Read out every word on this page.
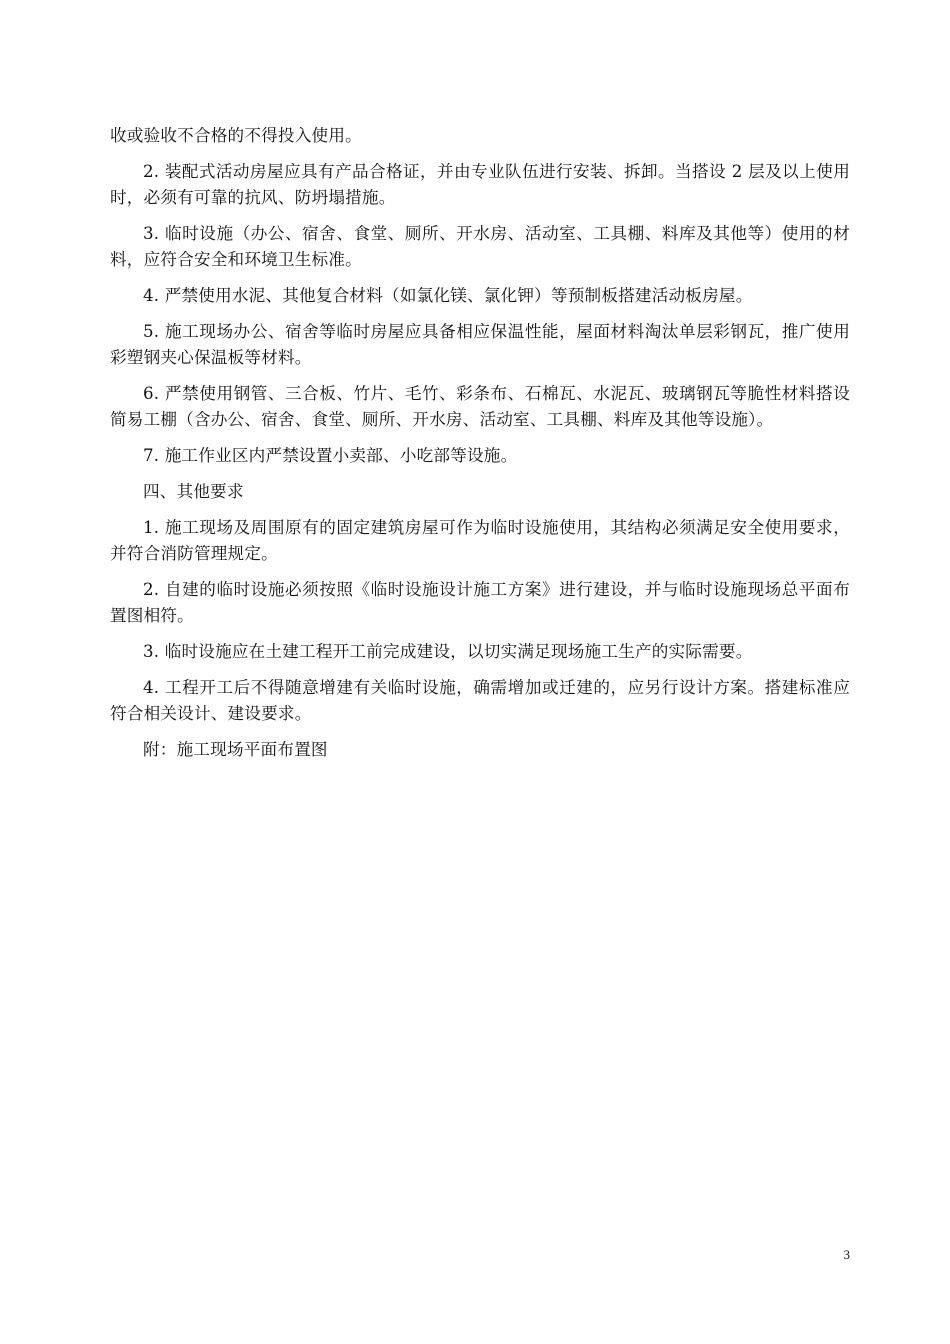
收或验收不合格的不得投入使用。

2. 装配式活动房屋应具有产品合格证，并由专业队伍进行安装、拆卸。当搭设 2 层及以上使用时，必须有可靠的抗风、防坍塌措施。

3. 临时设施（办公、宿舍、食堂、厕所、开水房、活动室、工具棚、料库及其他等）使用的材料，应符合安全和环境卫生标准。

4. 严禁使用水泥、其他复合材料（如氯化镁、氯化钾）等预制板搭建活动板房屋。

5. 施工现场办公、宿舍等临时房屋应具备相应保温性能，屋面材料淘汰单层彩钢瓦，推广使用彩塑钢夹心保温板等材料。

6. 严禁使用钢管、三合板、竹片、毛竹、彩条布、石棉瓦、水泥瓦、玻璃钢瓦等脆性材料搭设简易工棚（含办公、宿舍、食堂、厕所、开水房、活动室、工具棚、料库及其他等设施）。

7. 施工作业区内严禁设置小卖部、小吃部等设施。

四、其他要求

1. 施工现场及周围原有的固定建筑房屋可作为临时设施使用，其结构必须满足安全使用要求，并符合消防管理规定。

2. 自建的临时设施必须按照《临时设施设计施工方案》进行建设，并与临时设施现场总平面布置图相符。

3. 临时设施应在土建工程开工前完成建设，以切实满足现场施工生产的实际需要。

4. 工程开工后不得随意增建有关临时设施，确需增加或迁建的，应另行设计方案。搭建标准应符合相关设计、建设要求。

附：施工现场平面布置图

3
